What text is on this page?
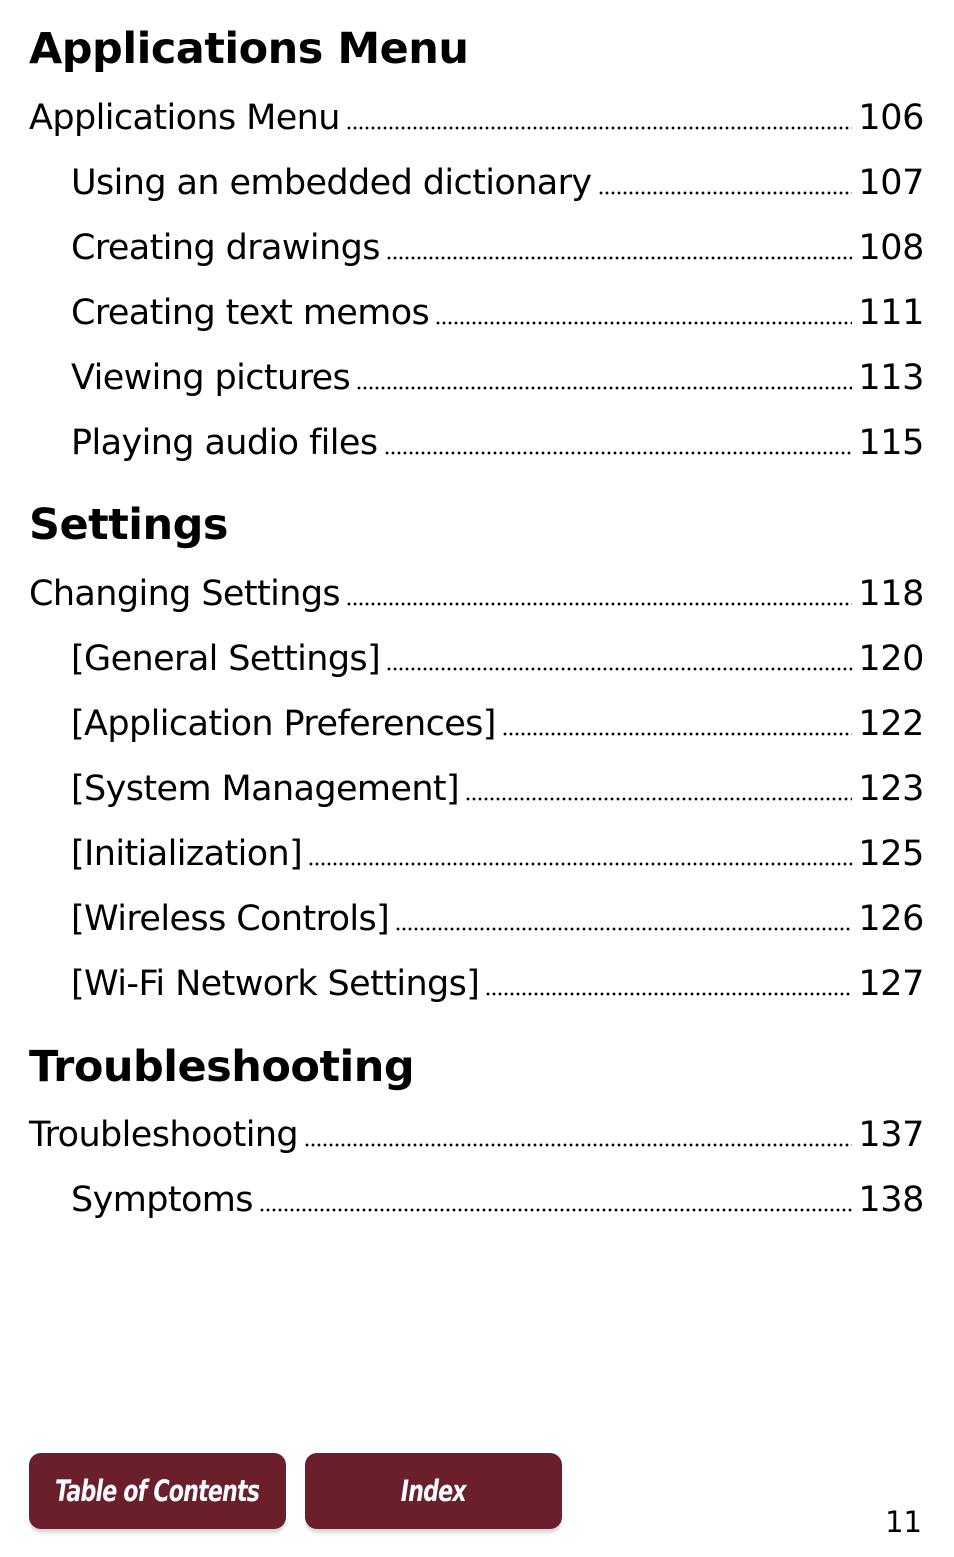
Applications Menu
Applications Menu	106
Using an embedded dictionary	107
Creating drawings	108
Creating text memos	111
Viewing pictures	113
Playing audio files	115
Settings
Changing Settings	118
[General Settings]	120
[Application Preferences]	122
[System Management]	123
[Initialization]	125
[Wireless Controls]	126
[Wi-Fi Network Settings]	127
Troubleshooting
Troubleshooting	137
Symptoms	138
Table of Contents	Index
11
